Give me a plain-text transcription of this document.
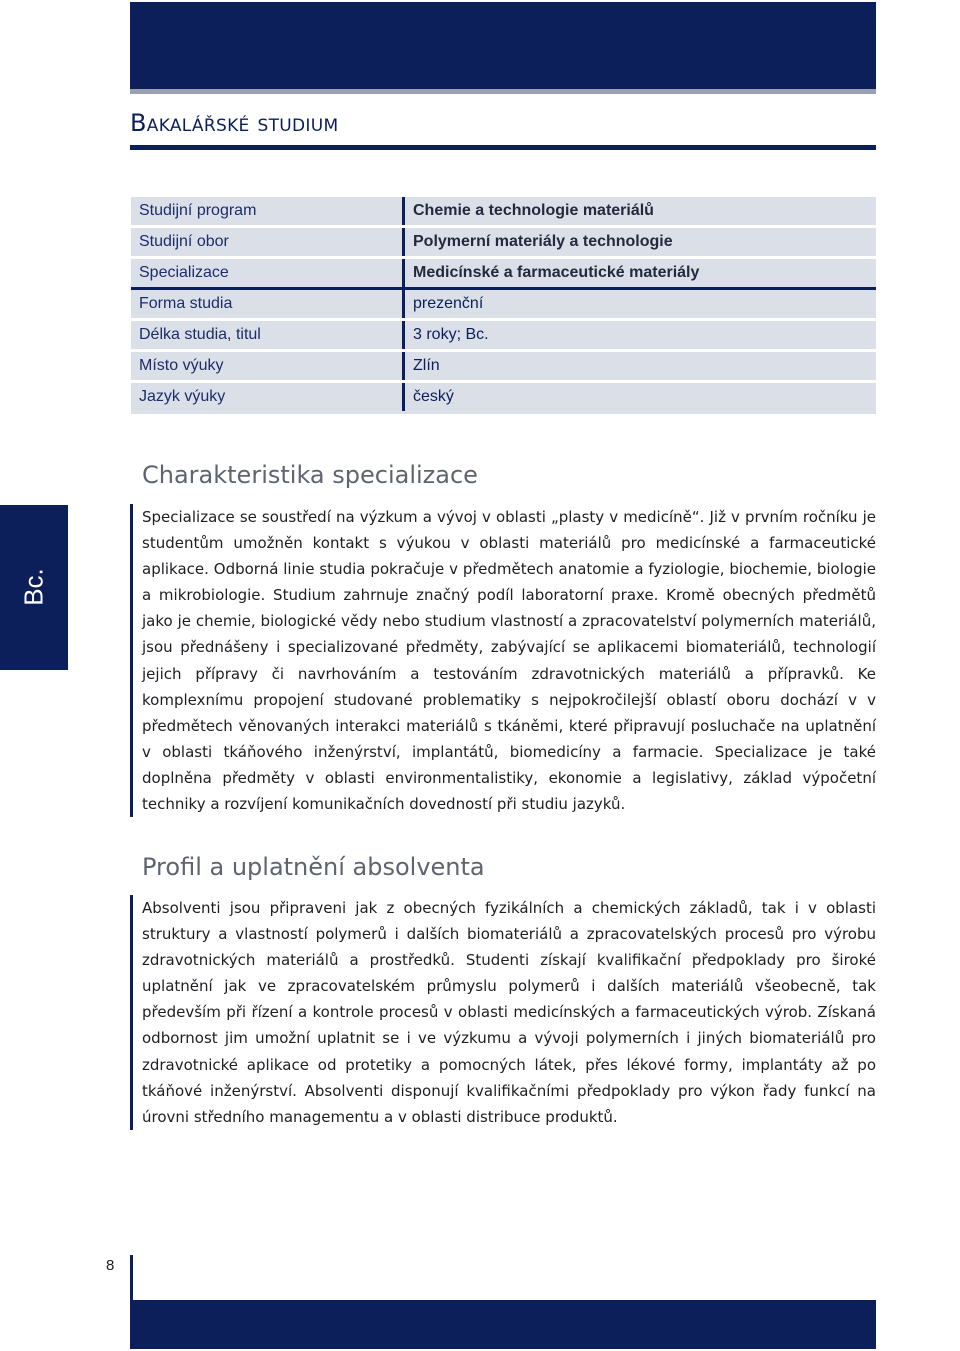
Bakalářské studium
Studijní program	Chemie a technologie materiálů
Studijní obor	Polymerní materiály a technologie
Specializace	Medicínské a farmaceutické materiály
Forma studia	prezenční
Délka studia, titul	3 roky; Bc.
Místo výuky	Zlín
Jazyk výuky	český
Bc.
Charakteristika specializace

Specializace se soustředí na výzkum a vývoj v oblasti „plasty v medicíně“. Již v prvním ročníku je studentům umožněn kontakt s výukou v oblasti materiálů pro medicínské a farmaceutické aplikace. Odborná linie studia pokračuje v předmětech anatomie a fyziologie, biochemie, biologie a mikrobiologie. Studium zahrnuje značný podíl laboratorní praxe. Kromě obecných předmětů jako je chemie, biologické vědy nebo studium vlastností a zpracovatelství polymerních materiálů, jsou přednášeny i specializované předměty, zabývající se aplikacemi biomateriálů, technologií jejich přípravy či navrhováním a testováním zdravotnických materiálů a přípravků. Ke komplexnímu propojení studované problematiky s nejpokročilejší oblastí oboru dochází v v předmětech věnovaných interakci materiálů s tkáněmi, které připravují posluchače na uplatnění v oblasti tkáňového inženýrství, implantátů, biomedicíny a farmacie. Specializace je také doplněna předměty v oblasti environmentalistiky, ekonomie a legislativy, základ výpočetní techniky a rozvíjení komunikačních dovedností při studiu jazyků.

Profil a uplatnění absolventa

Absolventi jsou připraveni jak z obecných fyzikálních a chemických základů, tak i v oblasti struktury a vlastností polymerů i dalších biomateriálů a zpracovatelských procesů pro výrobu zdravotnických materiálů a prostředků. Studenti získají kvalifikační předpoklady pro široké uplatnění jak ve zpracovatelském průmyslu polymerů i dalších materiálů všeobecně, tak především při řízení a kontrole procesů v oblasti medicínských a farmaceutických výrob. Získaná odbornost jim umožní uplatnit se i ve výzkumu a vývoji polymerních i jiných biomateriálů pro zdravotnické aplikace od protetiky a pomocných látek, přes lékové formy, implantáty až po tkáňové inženýrství. Absolventi disponují kvalifikačními předpoklady pro výkon řady funkcí na úrovni středního managementu a v oblasti distribuce produktů.

8
